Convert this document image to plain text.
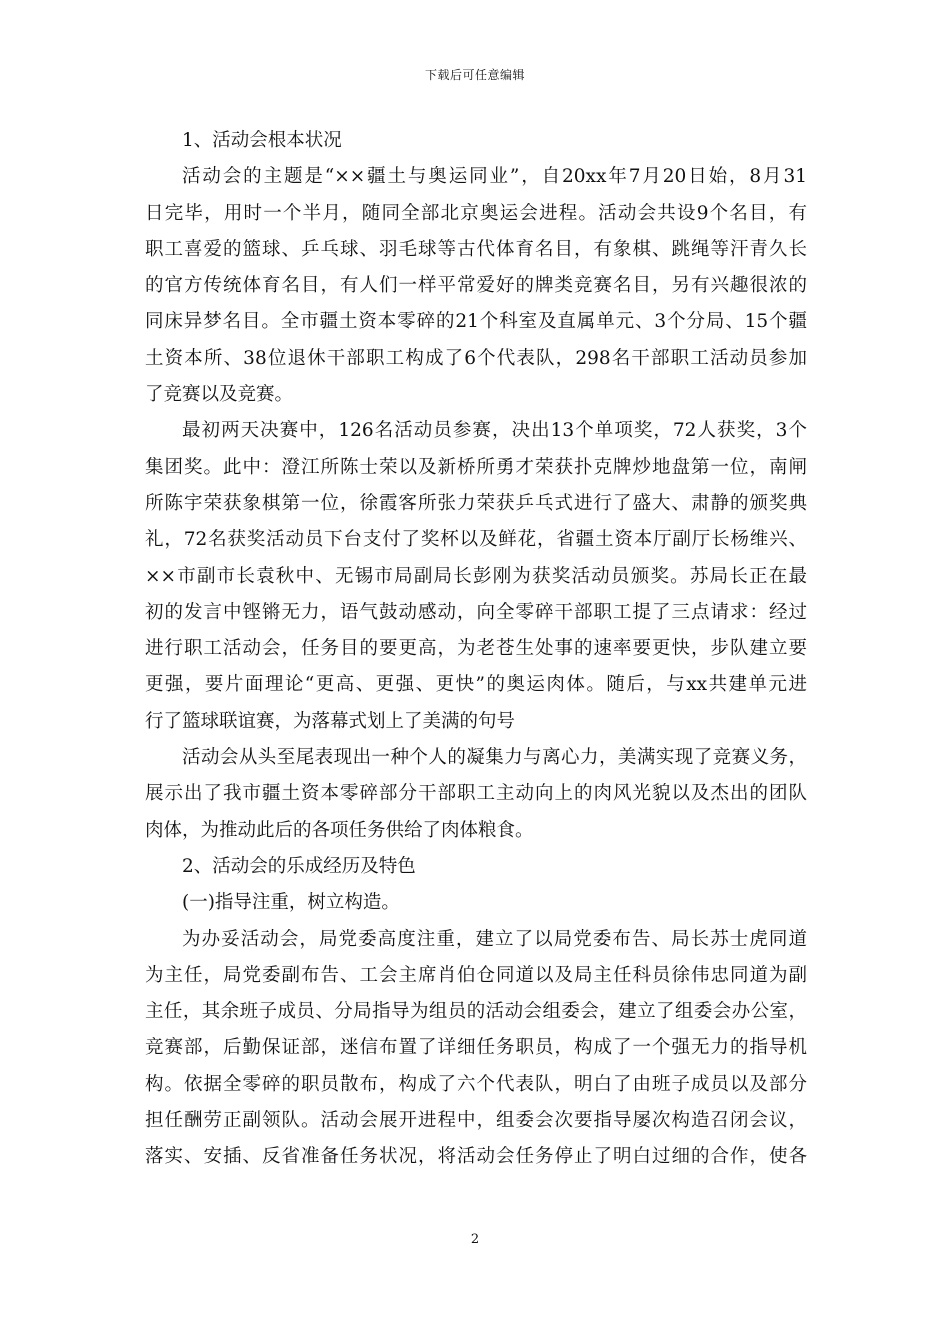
下载后可任意编辑
1、活动会根本状况
活动会的主题是“××疆土与奥运同业”，自20xx年7月20日始，8月31
日完毕，用时一个半月，随同全部北京奥运会进程。活动会共设9个名目，有
职工喜爱的篮球、乒乓球、羽毛球等古代体育名目，有象棋、跳绳等汗青久长
的官方传统体育名目，有人们一样平常爱好的牌类竞赛名目，另有兴趣很浓的
同床异梦名目。全市疆土资本零碎的21个科室及直属单元、3个分局、15个疆
土资本所、38位退休干部职工构成了6个代表队，298名干部职工活动员参加
了竞赛以及竞赛。
最初两天决赛中，126名活动员参赛，决出13个单项奖，72人获奖，3个
集团奖。此中：澄江所陈士荣以及新桥所勇才荣获扑克牌炒地盘第一位，南闸
所陈宇荣获象棋第一位，徐霞客所张力荣获乒乓式进行了盛大、肃静的颁奖典
礼，72名获奖活动员下台支付了奖杯以及鲜花，省疆土资本厅副厅长杨维兴、
××市副市长袁秋中、无锡市局副局长彭刚为获奖活动员颁奖。苏局长正在最
初的发言中铿锵无力，语气鼓动感动，向全零碎干部职工提了三点请求：经过
进行职工活动会，任务目的要更高，为老苍生处事的速率要更快，步队建立要
更强，要片面理论“更高、更强、更快”的奥运肉体。随后，与xx共建单元进
行了篮球联谊赛，为落幕式划上了美满的句号
活动会从头至尾表现出一种个人的凝集力与离心力，美满实现了竞赛义务，
展示出了我市疆土资本零碎部分干部职工主动向上的肉风光貌以及杰出的团队
肉体，为推动此后的各项任务供给了肉体粮食。
2、活动会的乐成经历及特色
(一)指导注重，树立构造。
为办妥活动会，局党委高度注重，建立了以局党委布告、局长苏士虎同道
为主任，局党委副布告、工会主席肖伯仓同道以及局主任科员徐伟忠同道为副
主任，其余班子成员、分局指导为组员的活动会组委会，建立了组委会办公室，
竞赛部，后勤保证部，迷信布置了详细任务职员，构成了一个强无力的指导机
构。依据全零碎的职员散布，构成了六个代表队，明白了由班子成员以及部分
担任酬劳正副领队。活动会展开进程中，组委会次要指导屡次构造召闭会议，
落实、安插、反省准备任务状况，将活动会任务停止了明白过细的合作，使各
2
